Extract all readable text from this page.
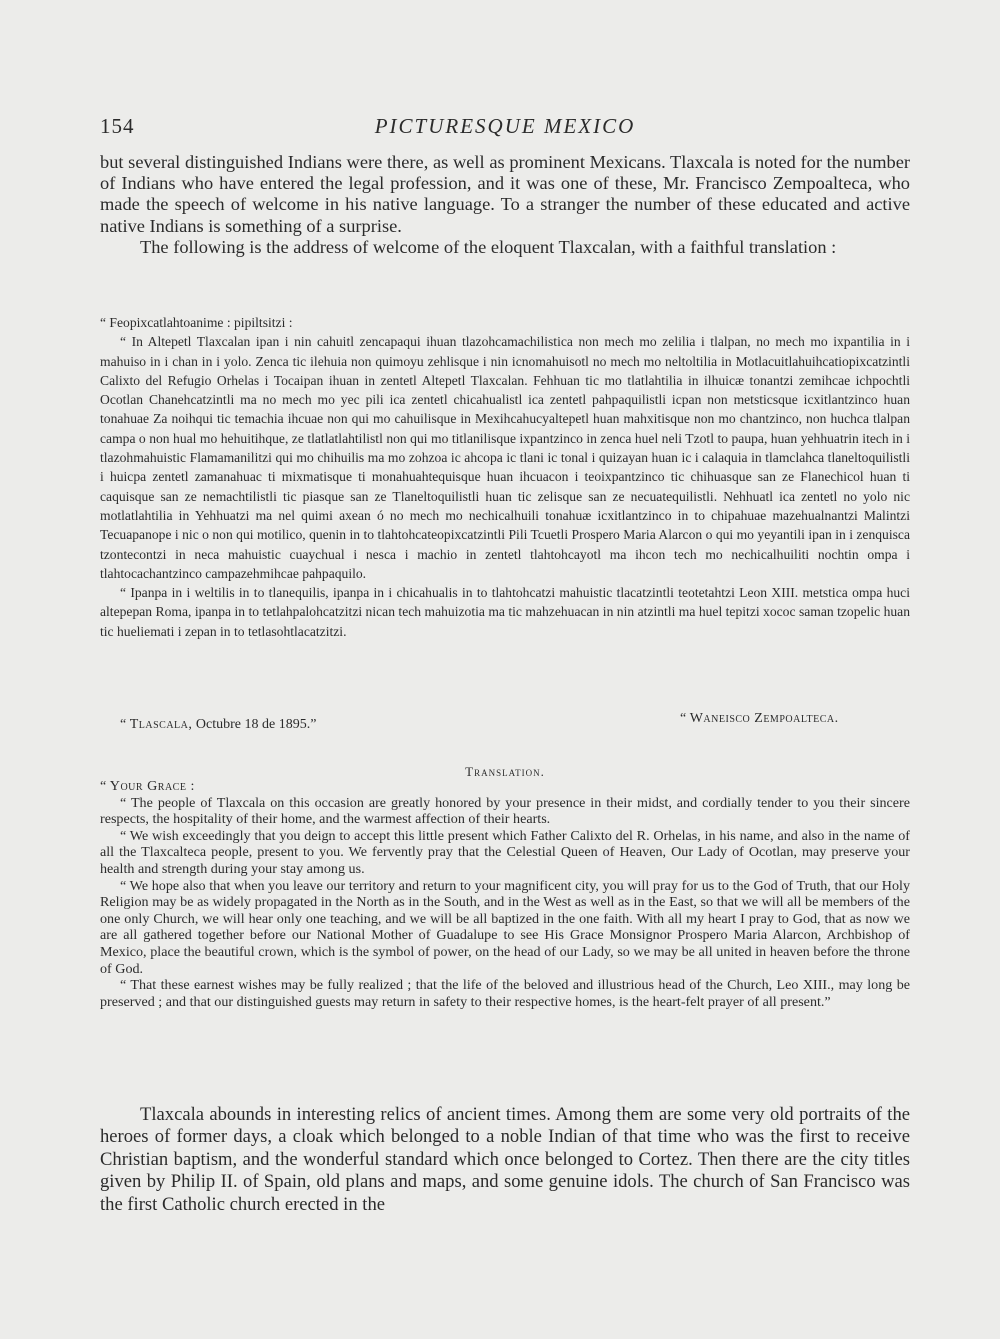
154	PICTURESQUE MEXICO

but several distinguished Indians were there, as well as prominent Mexicans. Tlaxcala is noted for the number of Indians who have entered the legal profession, and it was one of these, Mr. Francisco Zempoalteca, who made the speech of welcome in his native language. To a stranger the number of these educated and active native Indians is something of a surprise.

The following is the address of welcome of the eloquent Tlaxcalan, with a faithful translation :

“ Feopixcatlahtoanime : pipiltsitzi :

“ In Altepetl Tlaxcalan ipan i nin cahuitl zencapaqui ihuan tlazohcamachilistica non mech mo zelilia i tlalpan, no mech mo ixpantilia in i mahuiso in i chan in i yolo. Zenca tic ilehuia non quimoyu zehlisque i nin icnomahuisotl no mech mo neltoltilia in Motlacuitlahuihcatiopixcatzintli Calixto del Refugio Orhelas i Tocaipan ihuan in zentetl Altepetl Tlaxcalan. Fehhuan tic mo tlatlahtilia in ilhuicæ tonantzi zemihcae ichpochtli Ocotlan Chanehcatzintli ma no mech mo yec pili ica zentetl chicahualistl ica zentetl pahpaquilistli icpan non metsticsque icxitlantzinco huan tonahuae Za noihqui tic temachia ihcuae non qui mo cahuilisque in Mexihcahucyaltepetl huan mahxitisque non mo chantzinco, non huchca tlalpan campa o non hual mo hehuitihque, ze tlatlatlahtilistl non qui mo titlanilisque ixpantzinco in zenca huel neli Tzotl to paupa, huan yehhuatrin itech in i tlazohmahuistic Flamamanilitzi qui mo chihuilis ma mo zohzoa ic ahcopa ic tlani ic tonal i quizayan huan ic i calaquia in tlamclahca tlaneltoquilistli i huicpa zentetl zamanahuac ti mixmatisque ti monahuahtequisque huan ihcuacon i teoixpantzinco tic chihuasque san ze Flanechicol huan ti caquisque san ze nemachtilistli tic piasque san ze Tlaneltoquilistli huan tic zelisque san ze necuatequilistli. Nehhuatl ica zentetl no yolo nic motlatlahtilia in Yehhuatzi ma nel quimi axean ó no mech mo nechicalhuili tonahuæ icxitlantzinco in to chipahuae mazehualnantzi Malintzi Tecuapanope i nic o non qui motilico, quenin in to tlahtohcateopixcatzintli Pili Tcuetli Prospero Maria Alarcon o qui mo yeyantili ipan in i zenquisca tzontecontzi in neca mahuistic cuaychual i nesca i machio in zentetl tlahtohcayotl ma ihcon tech mo nechicalhuiliti nochtin ompa i tlahtocachantzinco campazehmihcae pahpaquilo.

“ Ipanpa in i weltilis in to tlanequilis, ipanpa in i chicahualis in to tlahtohcatzi mahuistic tlacatzintli teotetahtzi Leon XIII. metstica ompa huci altepepan Roma, ipanpa in to tetlahpalohcatzitzi nican tech mahuizotia ma tic mahzehuacan in nin atzintli ma huel tepitzi xococ saman tzopelic huan tic hueliemati i zepan in to tetlasohtlacatzitzi.

“ Tlascala, Octubre 18 de 1895.”	“ Waneisco Zempoalteca.
Translation.

“ Your Grace :

“ The people of Tlaxcala on this occasion are greatly honored by your presence in their midst, and cordially tender to you their sincere respects, the hospitality of their home, and the warmest affection of their hearts.

“ We wish exceedingly that you deign to accept this little present which Father Calixto del R. Orhelas, in his name, and also in the name of all the Tlaxcalteca people, present to you. We fervently pray that the Celestial Queen of Heaven, Our Lady of Ocotlan, may preserve your health and strength during your stay among us.

“ We hope also that when you leave our territory and return to your magnificent city, you will pray for us to the God of Truth, that our Holy Religion may be as widely propagated in the North as in the South, and in the West as well as in the East, so that we will all be members of the one only Church, we will hear only one teaching, and we will be all baptized in the one faith. With all my heart I pray to God, that as now we are all gathered together before our National Mother of Guadalupe to see His Grace Monsignor Prospero Maria Alarcon, Archbishop of Mexico, place the beautiful crown, which is the symbol of power, on the head of our Lady, so we may be all united in heaven before the throne of God.

“ That these earnest wishes may be fully realized ; that the life of the beloved and illustrious head of the Church, Leo XIII., may long be preserved ; and that our distinguished guests may return in safety to their respective homes, is the heart-felt prayer of all present.”

Tlaxcala abounds in interesting relics of ancient times. Among them are some very old portraits of the heroes of former days, a cloak which belonged to a noble Indian of that time who was the first to receive Christian baptism, and the wonderful standard which once belonged to Cortez. Then there are the city titles given by Philip II. of Spain, old plans and maps, and some genuine idols. The church of San Francisco was the first Catholic church erected in the
